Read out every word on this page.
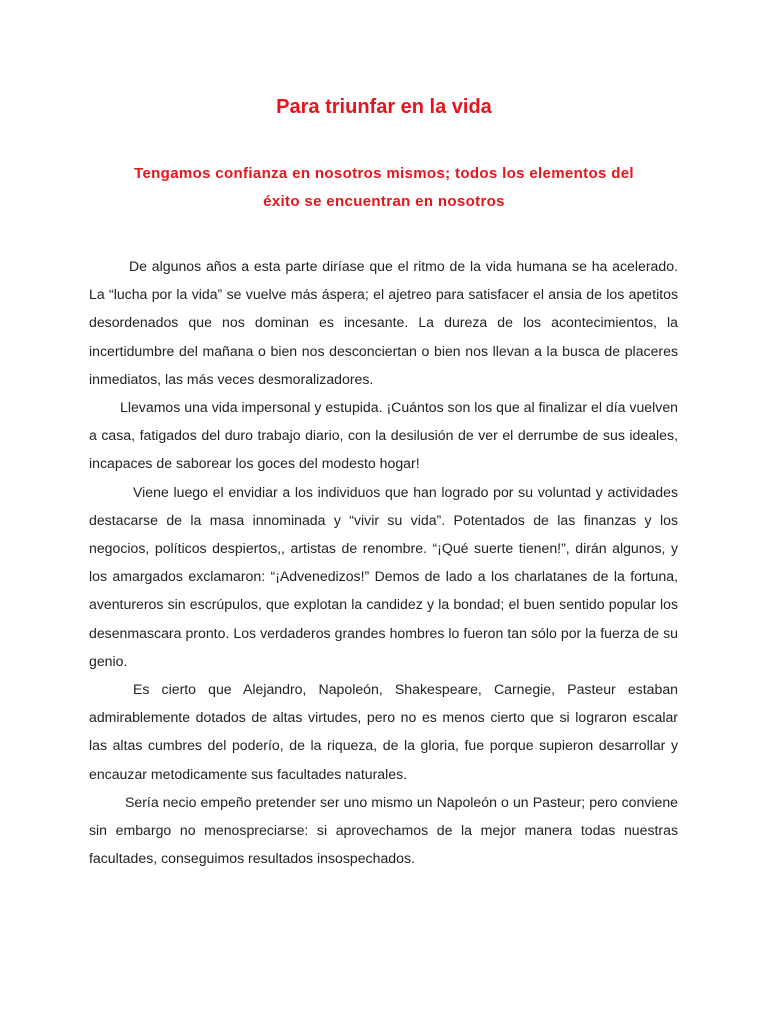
Para triunfar en la vida
Tengamos confianza en nosotros mismos; todos los elementos del
éxito se encuentran en nosotros

De algunos años a esta parte diríase que el ritmo de la vida humana se ha acelerado. La “lucha por la vida” se vuelve más áspera; el ajetreo para satisfacer el ansia de los apetitos desordenados que nos dominan es incesante. La dureza de los acontecimientos, la incertidumbre del mañana o bien nos desconciertan o bien nos llevan a la busca de placeres inmediatos, las más veces desmoralizadores.

Llevamos una vida impersonal y estupida. ¡Cuántos son los que al finalizar el día vuelven a casa, fatigados del duro trabajo diario, con la desilusión de ver el derrumbe de sus ideales, incapaces de saborear los goces del modesto hogar!

Viene luego el envidiar a los individuos que han logrado por su voluntad y actividades destacarse de la masa innominada y “vivir su vida”. Potentados de las finanzas y los negocios, políticos despiertos,, artistas de renombre. “¡Qué suerte tienen!”, dirán algunos, y los amargados exclamaron: “¡Advenedizos!” Demos de lado a los charlatanes de la fortuna, aventureros sin escrúpulos, que explotan la candidez y la bondad; el buen sentido popular los desenmascara pronto. Los verdaderos grandes hombres lo fueron tan sólo por la fuerza de su genio.

Es cierto que Alejandro, Napoleón, Shakespeare, Carnegie, Pasteur estaban admirablemente dotados de altas virtudes, pero no es menos cierto que si lograron escalar las altas cumbres del poderío, de la riqueza, de la gloria, fue porque supieron desarrollar y encauzar metodicamente sus facultades naturales.

Sería necio empeño pretender ser uno mismo un Napoleón o un Pasteur; pero conviene sin embargo no menospreciarse: si aprovechamos de la mejor manera todas nuestras facultades, conseguimos resultados insospechados.
